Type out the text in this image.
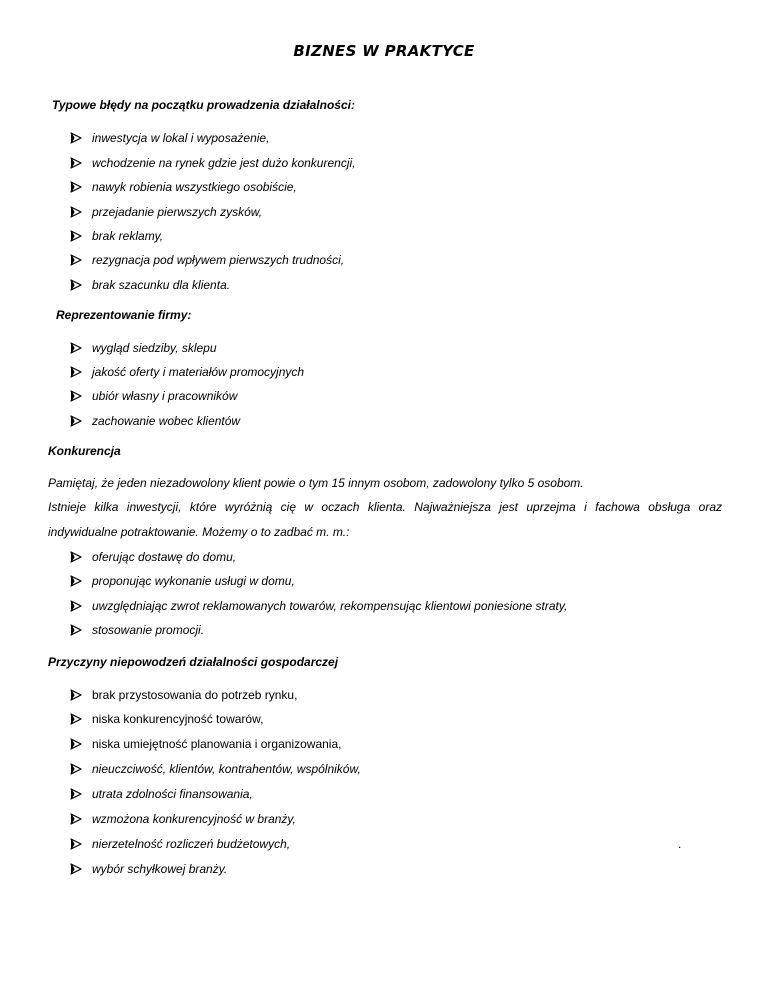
BIZNES W PRAKTYCE
Typowe błędy na początku prowadzenia działalności:
inwestycja w lokal i wyposażenie,
wchodzenie na rynek gdzie jest dużo konkurencji,
nawyk robienia wszystkiego osobiście,
przejadanie pierwszych zysków,
brak reklamy,
rezygnacja pod wpływem pierwszych trudności,
brak szacunku dla klienta.
Reprezentowanie firmy:
wygląd siedziby, sklepu
jakość oferty i materiałów promocyjnych
ubiór własny i pracowników
zachowanie wobec klientów
Konkurencja
Pamiętaj, że jeden niezadowolony klient powie o tym 15 innym osobom, zadowolony tylko 5 osobom.
Istnieje kilka inwestycji, które wyróżnią cię w oczach klienta. Najważniejsza jest uprzejma i fachowa obsługa oraz
indywidualne potraktowanie. Możemy o to zadbać m. m.:
oferując dostawę do domu,
proponując wykonanie usługi w domu,
uwzględniając zwrot reklamowanych towarów, rekompensując klientowi poniesione straty,
stosowanie promocji.
Przyczyny niepowodzeń działalności gospodarczej
brak przystosowania do potrzeb rynku,
niska konkurencyjność towarów,
niska umiejętność planowania i organizowania,
nieuczciwość, klientów, kontrahentów, wspólników,
utrata zdolności finansowania,
wzmożona konkurencyjność w branży,
nierzetelność rozliczeń budżetowych,	.
wybór schyłkowej branży.
